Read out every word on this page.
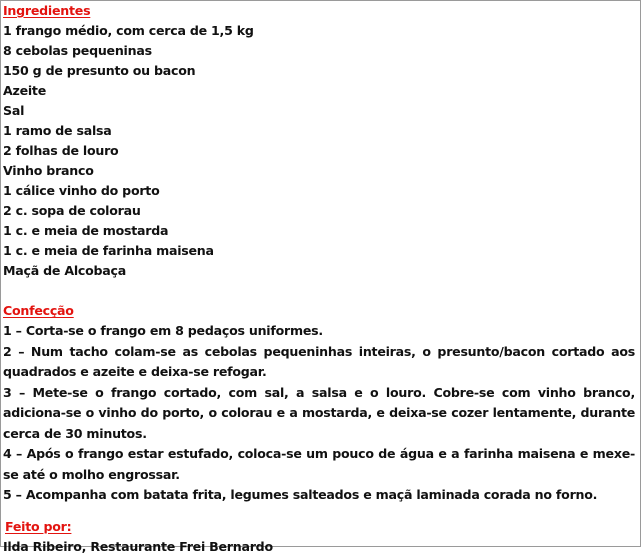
Ingredientes
1 frango médio, com cerca de 1,5 kg
8 cebolas pequeninas
150 g de presunto ou bacon
Azeite
Sal
1 ramo de salsa
2 folhas de louro
Vinho branco
1 cálice vinho do porto
2 c. sopa de colorau
1 c. e meia de mostarda
1 c. e meia de farinha maisena
Maçã de Alcobaça
Confecção
1 – Corta-se o frango em 8 pedaços uniformes.
2 – Num tacho colam-se as cebolas pequeninhas inteiras, o presunto/bacon cortado aos quadrados e azeite e deixa-se refogar.
3 – Mete-se o frango cortado, com sal, a salsa e o louro. Cobre-se com vinho branco, adiciona-se o vinho do porto, o colorau e a mostarda, e deixa-se cozer lentamente, durante cerca de 30 minutos.
4 – Após o frango estar estufado, coloca-se um pouco de água e a farinha maisena e mexe-se até o molho engrossar.
5 – Acompanha com batata frita, legumes salteados e maçã laminada corada no forno.
Feito por:
Ilda Ribeiro, Restaurante Frei Bernardo
